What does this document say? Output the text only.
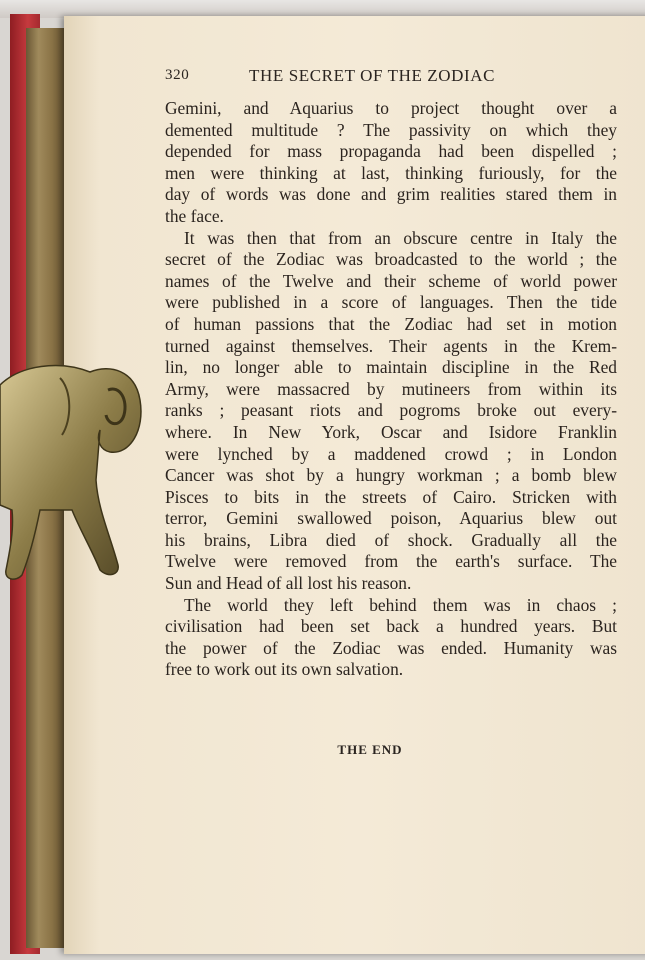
320	THE SECRET OF THE ZODIAC
Gemini, and Aquarius to project thought over a
demented multitude ? The passivity on which they
depended for mass propaganda had been dispelled ;
men were thinking at last, thinking furiously, for the
day of words was done and grim realities stared them in
the face.
It was then that from an obscure centre in Italy the
secret of the Zodiac was broadcasted to the world ; the
names of the Twelve and their scheme of world power
were published in a score of languages. Then the tide
of human passions that the Zodiac had set in motion
turned against themselves. Their agents in the Krem-
lin, no longer able to maintain discipline in the Red
Army, were massacred by mutineers from within its
ranks ; peasant riots and pogroms broke out every-
where. In New York, Oscar and Isidore Franklin
were lynched by a maddened crowd ; in London
Cancer was shot by a hungry workman ; a bomb blew
Pisces to bits in the streets of Cairo. Stricken with
terror, Gemini swallowed poison, Aquarius blew out
his brains, Libra died of shock. Gradually all the
Twelve were removed from the earth's surface. The
Sun and Head of all lost his reason.
The world they left behind them was in chaos ;
civilisation had been set back a hundred years. But
the power of the Zodiac was ended. Humanity was
free to work out its own salvation.
THE END
